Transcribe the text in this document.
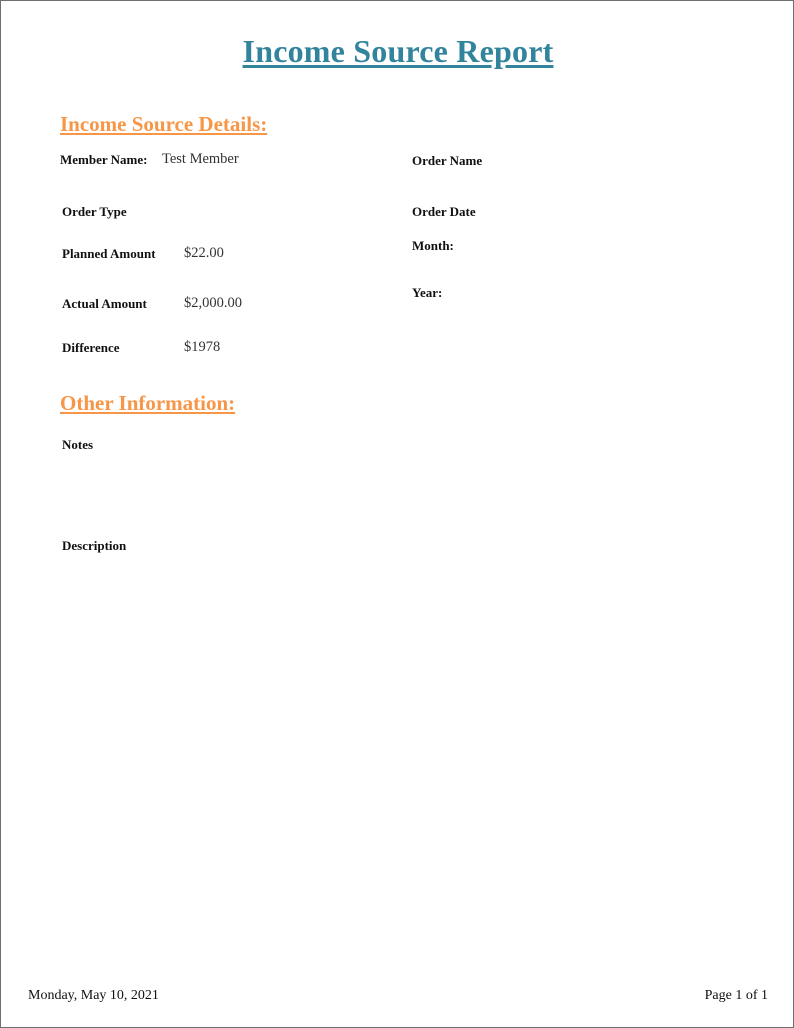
Income Source Report
Income Source Details:
Member Name: Test Member
Order Type
Planned Amount $22.00
Actual Amount	$2,000.00
Difference	$1978
Order Name
Order Date
Month:
Year:
Other Information:
Notes
Description
Monday, May 10, 2021	Page 1 of 1
